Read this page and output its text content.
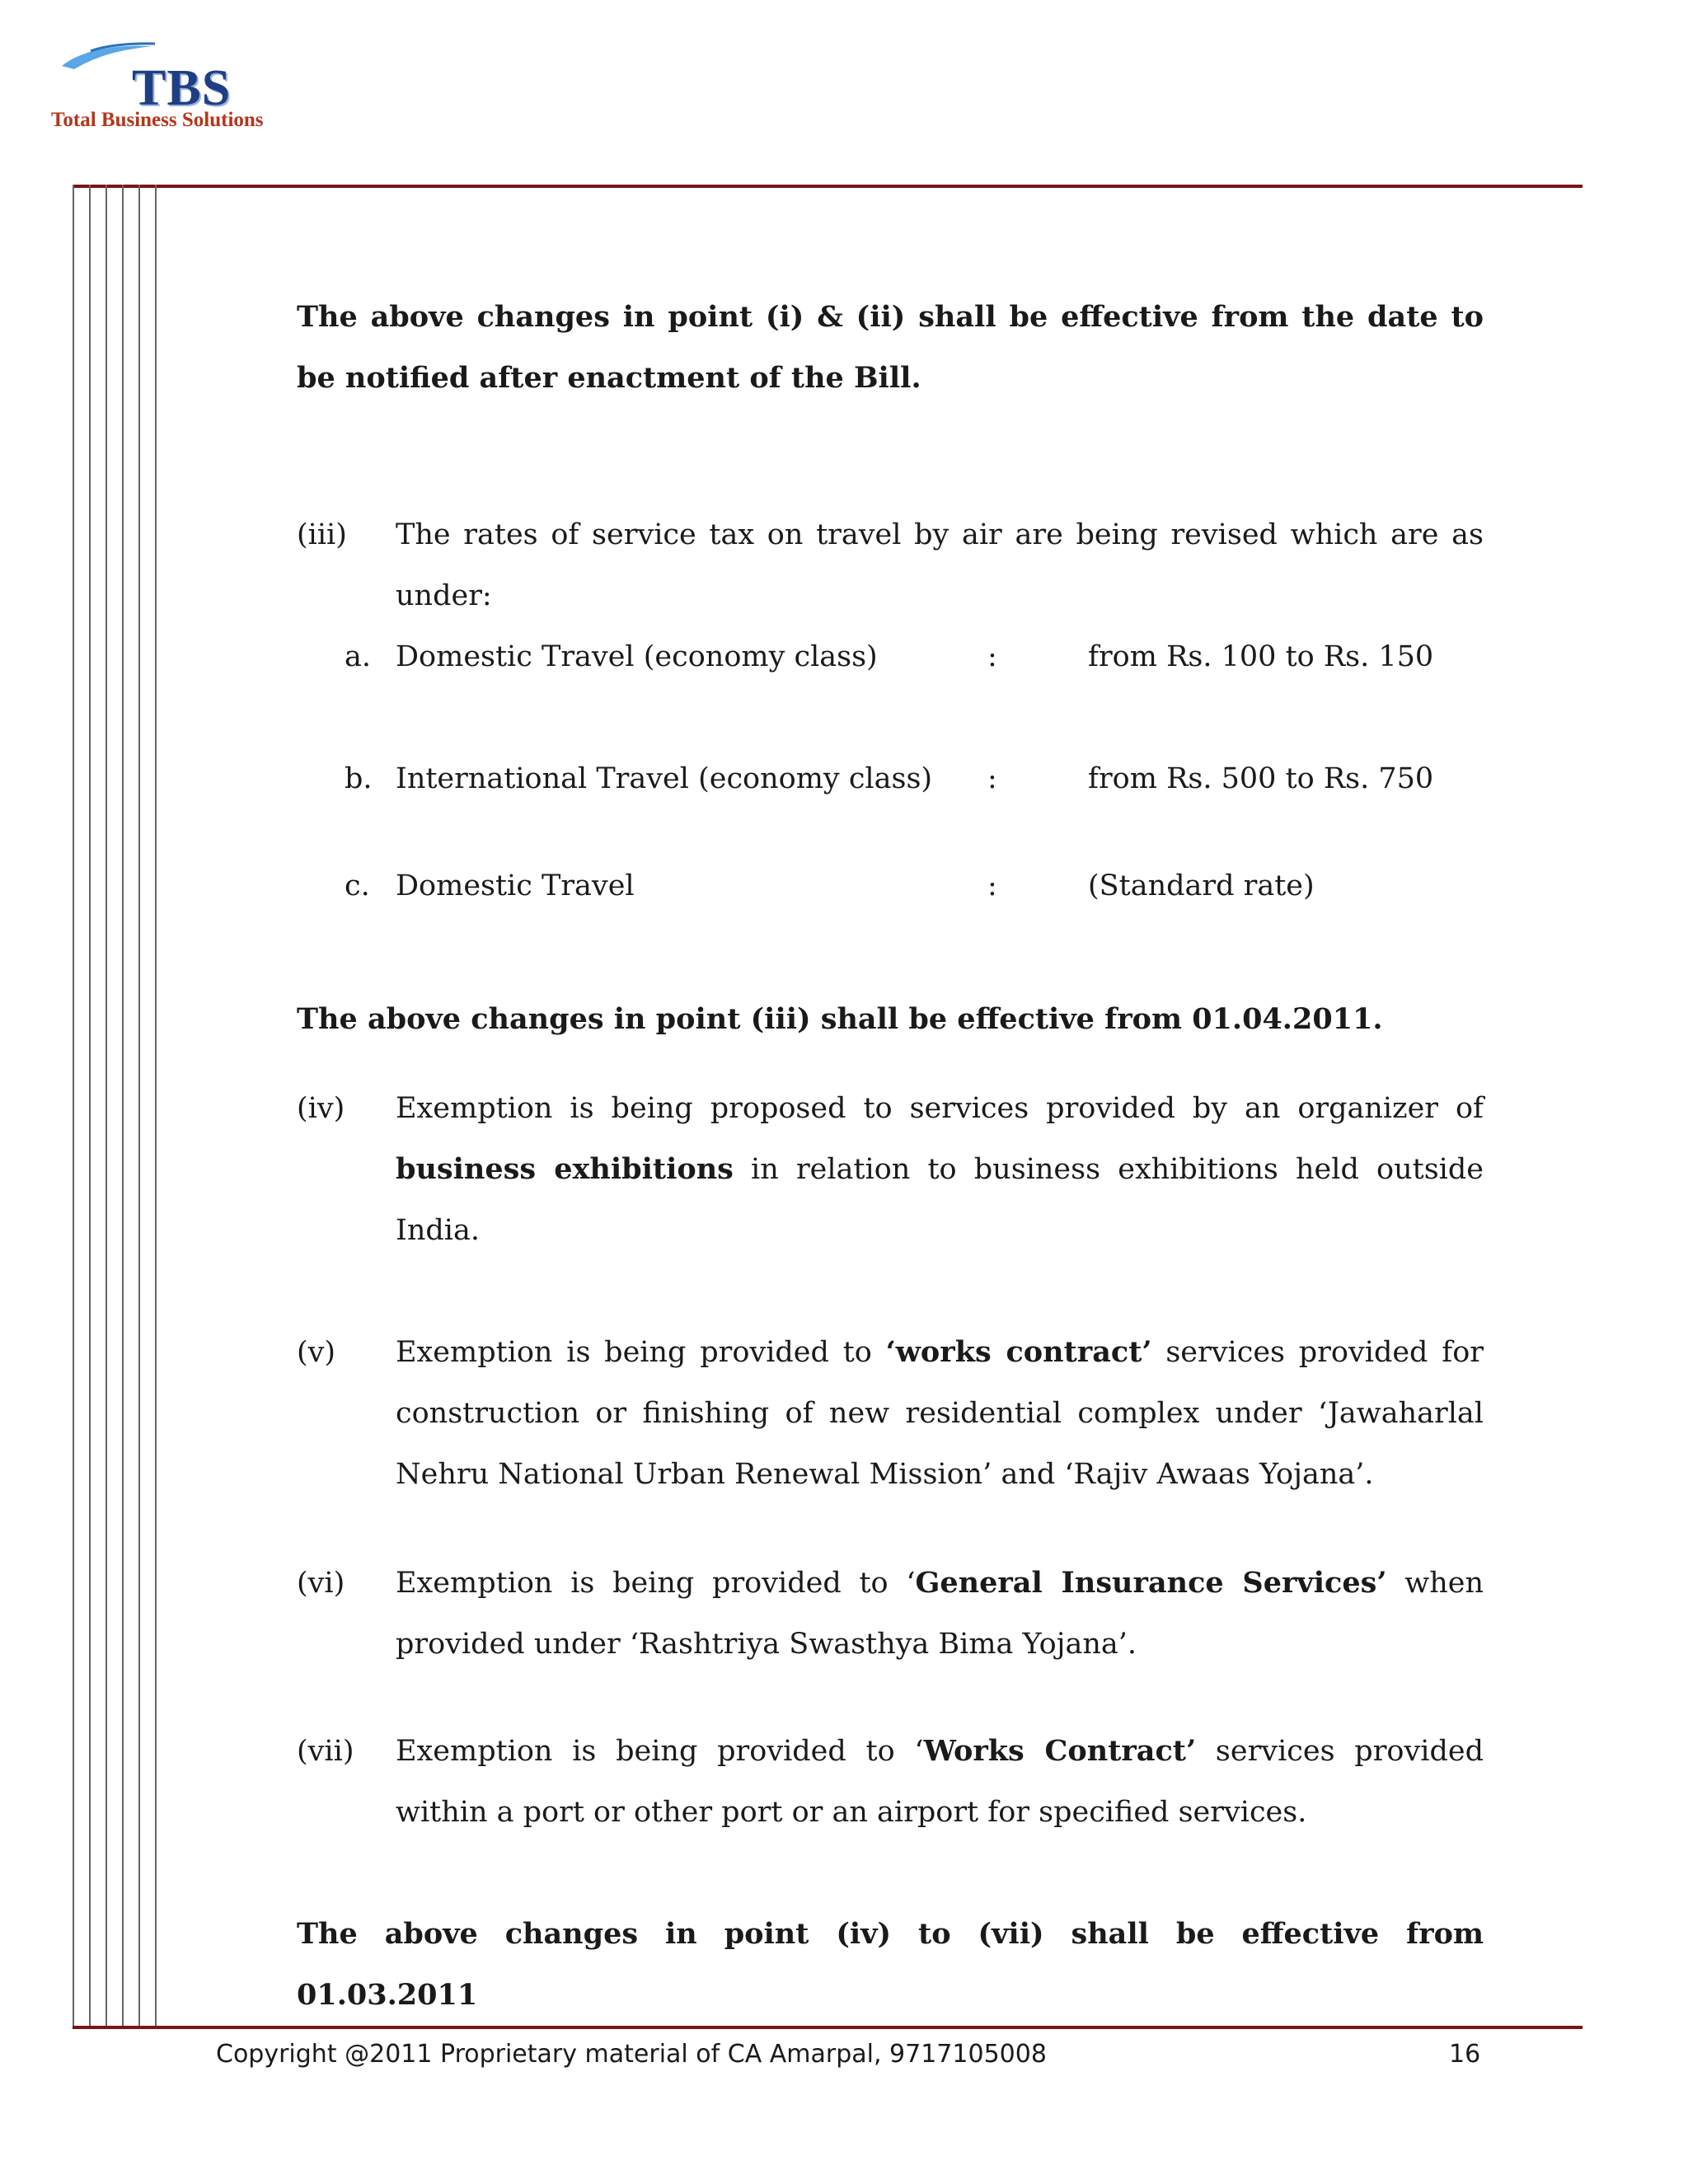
TBS
Total Business Solutions

The above changes in point (i) & (ii) shall be effective from the date to be notified after enactment of the Bill.

(iii) The rates of service tax on travel by air are being revised which are as under:

a. Domestic Travel (economy class)	:	from Rs. 100 to Rs. 150
b. International Travel (economy class) :	from Rs. 500 to Rs. 750
c. Domestic Travel	:	(Standard rate)

The above changes in point (iii) shall be effective from 01.04.2011.

(iv) Exemption is being proposed to services provided by an organizer of business exhibitions in relation to business exhibitions held outside India.

(v) Exemption is being provided to ‘works contract’ services provided for construction or finishing of new residential complex under ‘Jawaharlal Nehru National Urban Renewal Mission’ and ‘Rajiv Awaas Yojana’.

(vi) Exemption is being provided to ‘General Insurance Services’ when provided under ‘Rashtriya Swasthya Bima Yojana’.

(vii) Exemption is being provided to ‘Works Contract’ services provided within a port or other port or an airport for specified services.

The above changes in point (iv) to (vii) shall be effective from 01.03.2011

Copyright @2011 Proprietary material of CA Amarpal, 9717105008	16
